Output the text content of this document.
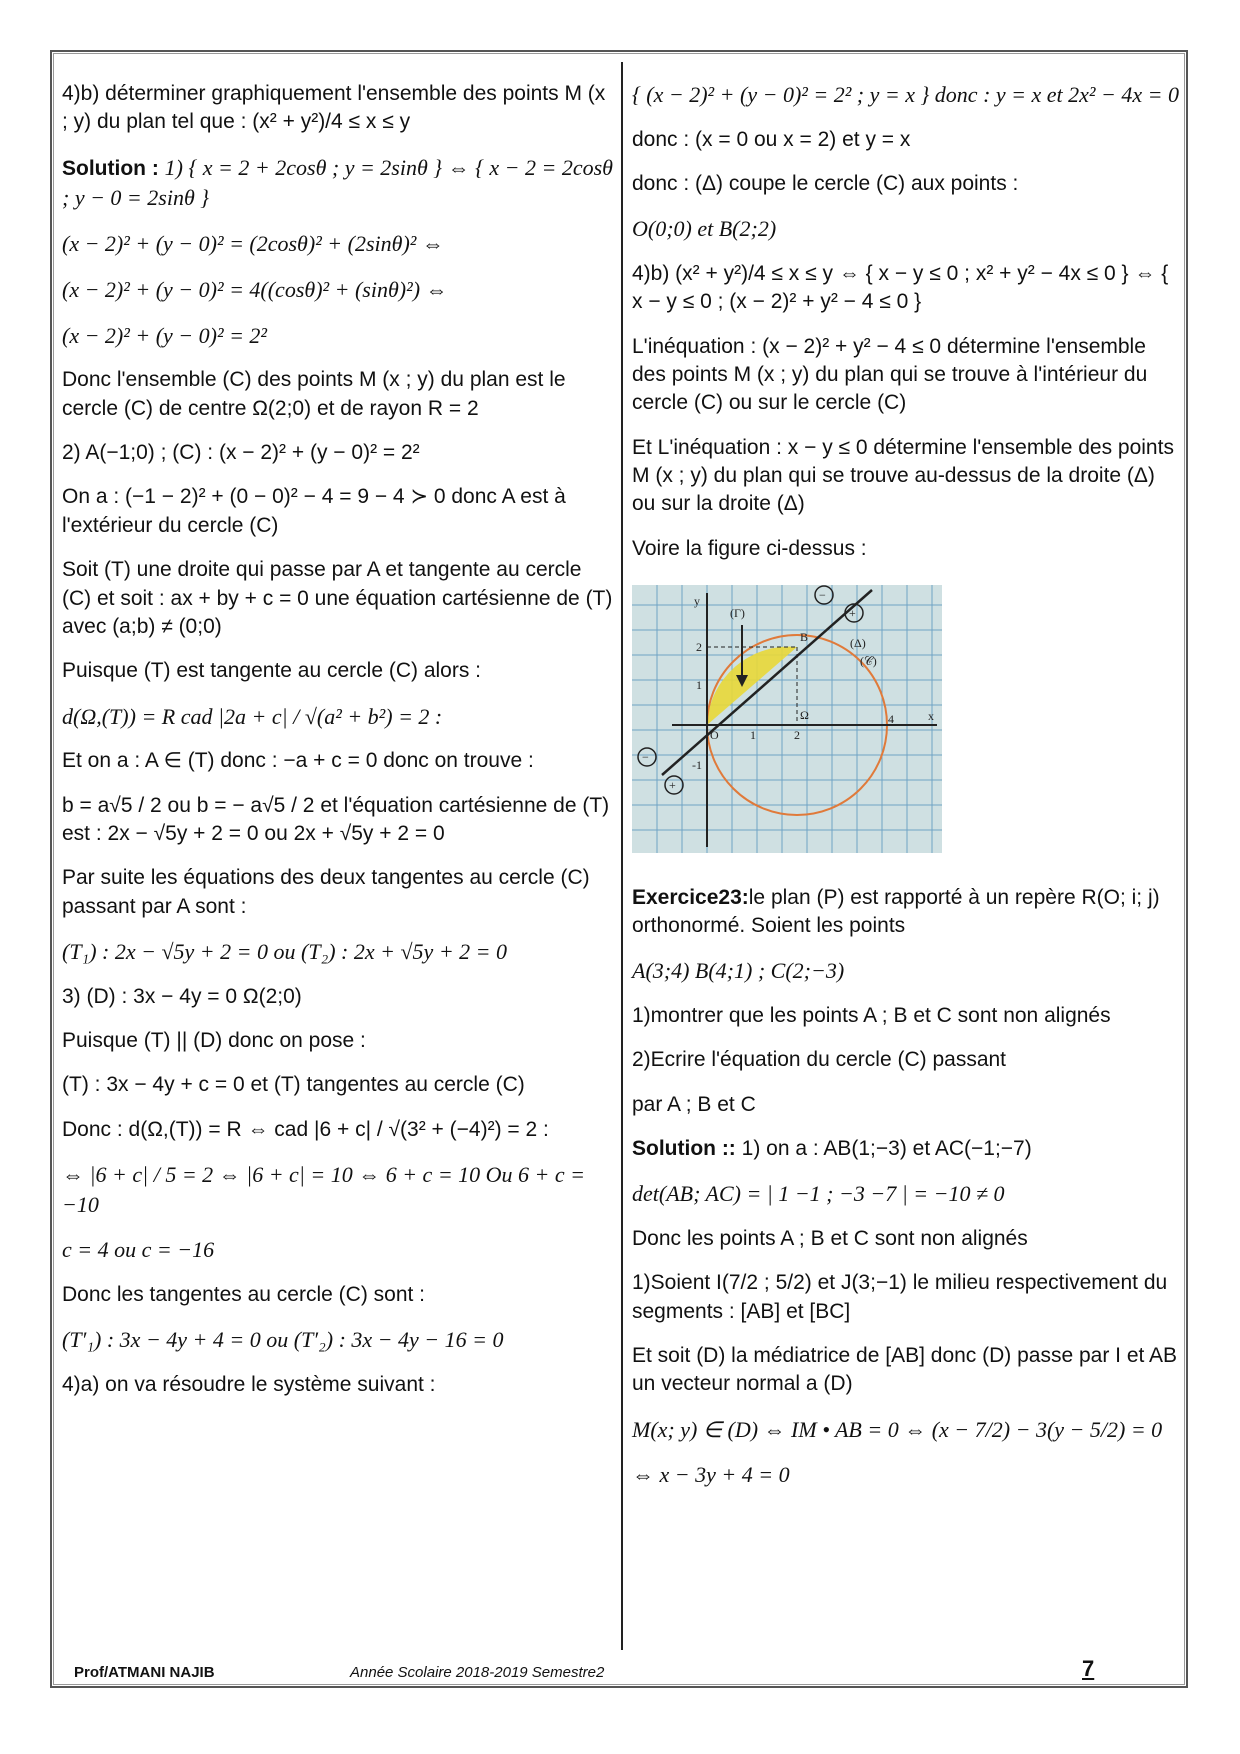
4)b) déterminer graphiquement l'ensemble des points M (x ; y) du plan tel que : (x² + y²)/4 ≤ x ≤ y

Solution : 1) { x = 2 + 2cosθ ; y = 2sinθ } ⇔ { x − 2 = 2cosθ ; y − 0 = 2sinθ }

(x − 2)² + (y − 0)² = (2cosθ)² + (2sinθ)² ⇔

(x − 2)² + (y − 0)² = 4((cosθ)² + (sinθ)²) ⇔

(x − 2)² + (y − 0)² = 2²

Donc l'ensemble (C) des points M (x ; y) du plan est le cercle (C) de centre Ω(2;0) et de rayon R = 2

2) A(−1;0) ; (C) : (x − 2)² + (y − 0)² = 2²

On a : (−1 − 2)² + (0 − 0)² − 4 = 9 − 4 ≻ 0 donc A est à l'extérieur du cercle (C)

Soit (T) une droite qui passe par A et tangente au cercle (C) et soit : ax + by + c = 0 une équation cartésienne de (T) avec (a;b) ≠ (0;0)

Puisque (T) est tangente au cercle (C) alors :

d(Ω,(T)) = R cad |2a + c| / √(a² + b²) = 2 :

Et on a : A ∈ (T) donc : −a + c = 0 donc on trouve :

b = a√5 / 2 ou b = − a√5 / 2 et l'équation cartésienne de (T) est : 2x − √5y + 2 = 0 ou 2x + √5y + 2 = 0

Par suite les équations des deux tangentes au cercle (C) passant par A sont :

(T₁) : 2x − √5y + 2 = 0 ou (T₂) : 2x + √5y + 2 = 0

3) (D) : 3x − 4y = 0 Ω(2;0)

Puisque (T) || (D) donc on pose :

(T) : 3x − 4y + c = 0 et (T) tangentes au cercle (C)

Donc : d(Ω,(T)) = R ⇔ cad |6 + c| / √(3² + (−4)²) = 2 :

⇔ |6 + c| / 5 = 2 ⇔ |6 + c| = 10 ⇔ 6 + c = 10 Ou 6 + c = −10

c = 4 ou c = −16

Donc les tangentes au cercle (C) sont :

(T′₁) : 3x − 4y + 4 = 0 ou (T′₂) : 3x − 4y − 16 = 0

4)a) on va résoudre le système suivant :

{ (x − 2)² + (y − 0)² = 2² ; y = x } donc : y = x et 2x² − 4x = 0

donc : (x = 0 ou x = 2) et y = x

donc : (Δ) coupe le cercle (C) aux points :

O(0;0) et B(2;2)

4)b) (x² + y²)/4 ≤ x ≤ y ⇔ { x − y ≤ 0 ; x² + y² − 4x ≤ 0 } ⇔ { x − y ≤ 0 ; (x − 2)² + y² − 4 ≤ 0 }

L'inéquation : (x − 2)² + y² − 4 ≤ 0 détermine l'ensemble des points M (x ; y) du plan qui se trouve à l'intérieur du cercle (C) ou sur le cercle (C)

Et L'inéquation : x − y ≤ 0 détermine l'ensemble des points M (x ; y) du plan qui se trouve au-dessus de la droite (Δ) ou sur la droite (Δ)

Voire la figure ci-dessus :

y
x
(Γ)
(Δ)
(𝒞)
B
O
Ω
2
1
-1
1	2
4
−
+
−
+

Exercice23:le plan (P) est rapporté à un repère R(O; i; j) orthonormé. Soient les points

A(3;4) B(4;1) ; C(2;−3)

1)montrer que les points A ; B et C sont non alignés

2)Ecrire l'équation du cercle (C) passant

par A ; B et C

Solution :: 1) on a : AB(1;−3) et AC(−1;−7)

det(AB; AC) = | 1 −1 ; −3 −7 | = −10 ≠ 0

Donc les points A ; B et C sont non alignés

1)Soient I(7/2 ; 5/2) et J(3;−1) le milieu respectivement du segments : [AB] et [BC]

Et soit (D) la médiatrice de [AB] donc (D) passe par I et AB un vecteur normal a (D)

M(x; y) ∈ (D) ⇔ IM • AB = 0 ⇔ (x − 7/2) − 3(y − 5/2) = 0

⇔ x − 3y + 4 = 0

Prof/ATMANI NAJIB	Année Scolaire 2018-2019 Semestre2	7
